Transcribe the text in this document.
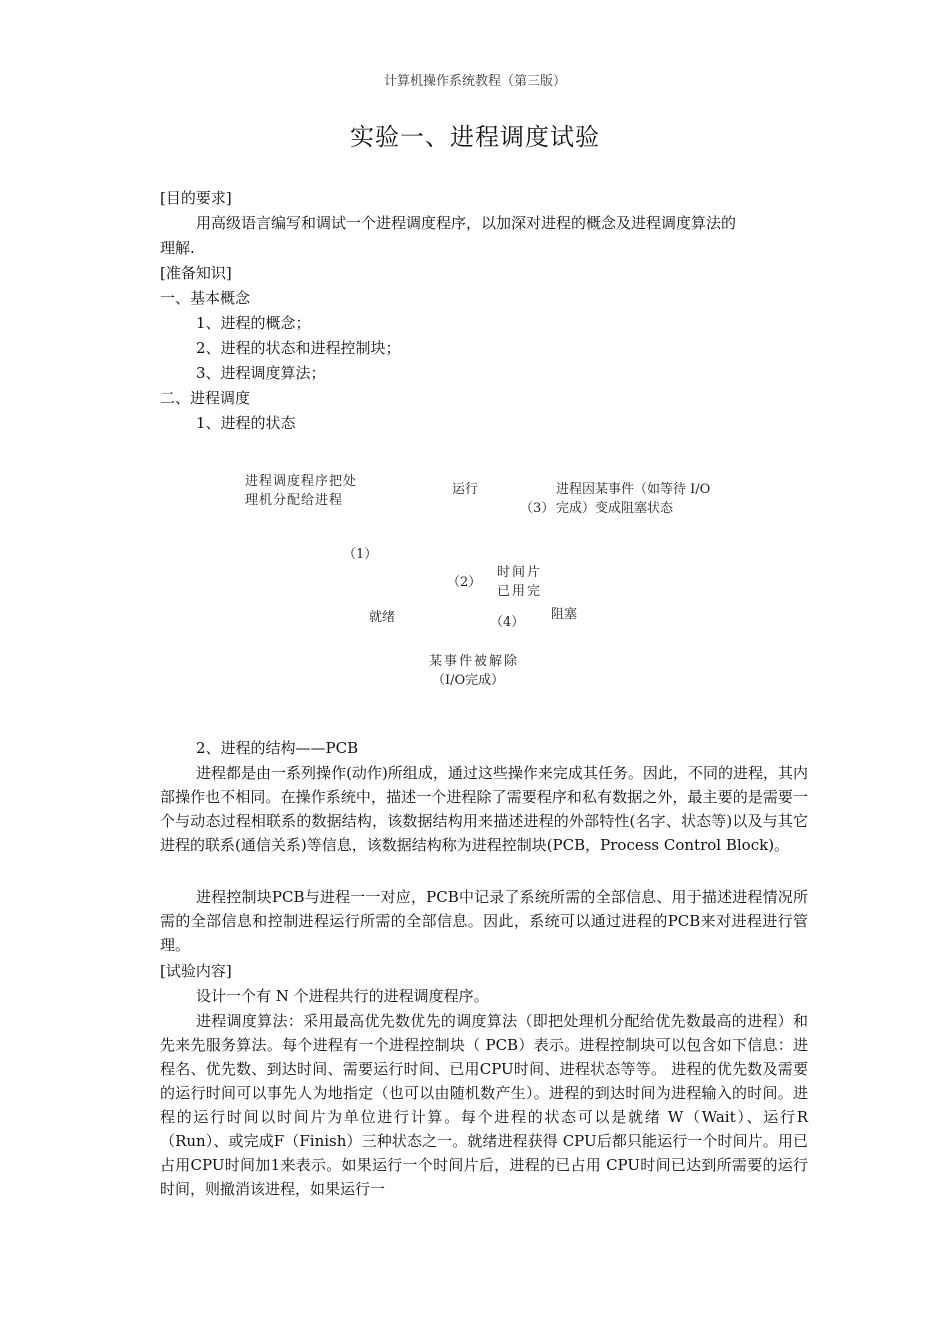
计算机操作系统教程（第三版）
实验一、进程调度试验
[目的要求]
用高级语言编写和调试一个进程调度程序，以加深对进程的概念及进程调度算法的
理解.
[准备知识]
一、基本概念
1、进程的概念；
2、进程的状态和进程控制块；
3、进程调度算法；
二、进程调度
1、进程的状态
进程调度程序把处
理机分配给进程
运行	进程因某事件（如等待 I/O
（3） 完成）变成阻塞状态
（1）
时间片
（2）
已用完
就绪	阻塞
（4）
某事件被解除
（I/O完成）
2、进程的结构——PCB

进程都是由一系列操作(动作)所组成，通过这些操作来完成其任务。因此，不同的进程，其内部操作也不相同。在操作系统中，描述一个进程除了需要程序和私有数据之外，最主要的是需要一个与动态过程相联系的数据结构，该数据结构用来描述进程的外部特性(名字、状态等)以及与其它进程的联系(通信关系)等信息，该数据结构称为进程控制块(PCB，Process Control Block)。

进程控制块PCB与进程一一对应，PCB中记录了系统所需的全部信息、用于描述进程情况所需的全部信息和控制进程运行所需的全部信息。因此，系统可以通过进程的PCB来对进程进行管理。

[试验内容]

设计一个有 N 个进程共行的进程调度程序。

进程调度算法：采用最高优先数优先的调度算法（即把处理机分配给优先数最高的进程）和先来先服务算法。每个进程有一个进程控制块（ PCB）表示。进程控制块可以包含如下信息：进程名、优先数、到达时间、需要运行时间、已用CPU时间、进程状态等等。 进程的优先数及需要的运行时间可以事先人为地指定（也可以由随机数产生）。进程的到达时间为进程输入的时间。进程的运行时间以时间片为单位进行计算。每个进程的状态可以是就绪 W（Wait）、运行R（Run）、或完成F（Finish）三种状态之一。就绪进程获得 CPU后都只能运行一个时间片。用已占用CPU时间加1来表示。如果运行一个时间片后，进程的已占用 CPU时间已达到所需要的运行时间，则撤消该进程，如果运行一
